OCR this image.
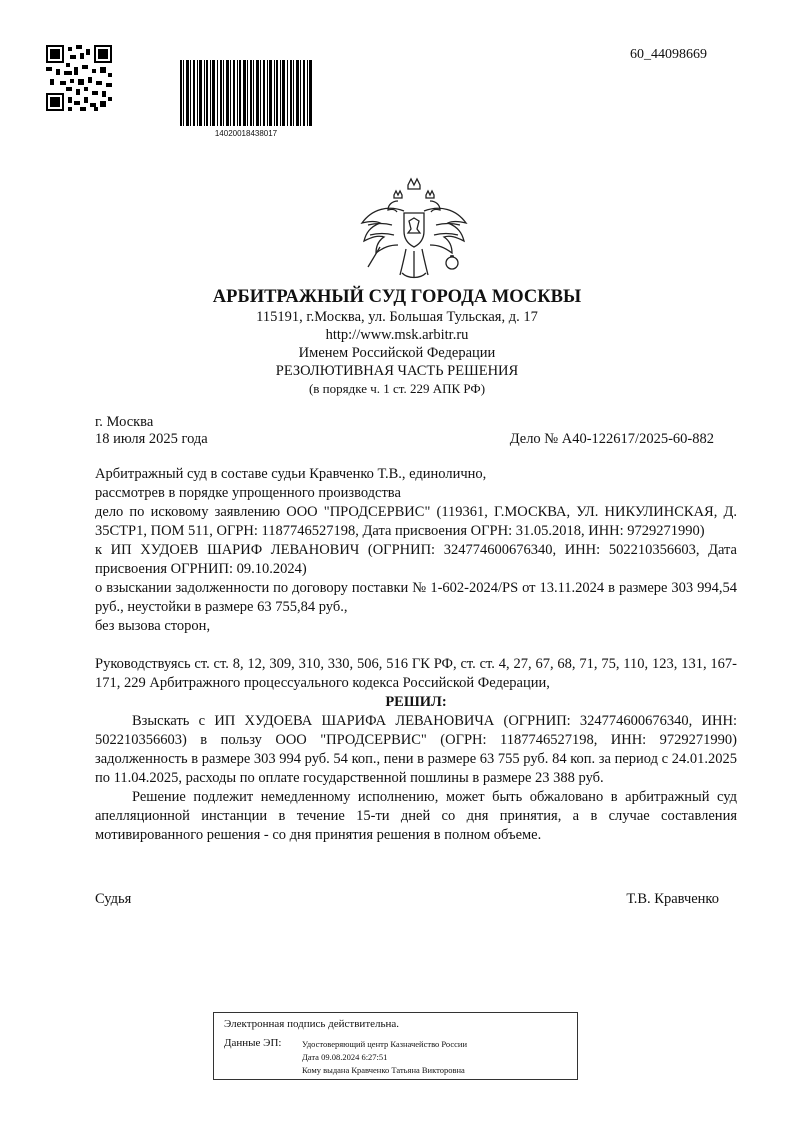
60_44098669
14020018438017
АРБИТРАЖНЫЙ СУД ГОРОДА МОСКВЫ
115191, г.Москва, ул. Большая Тульская, д. 17
http://www.msk.arbitr.ru
Именем Российской Федерации
РЕЗОЛЮТИВНАЯ ЧАСТЬ РЕШЕНИЯ
(в порядке ч. 1 ст. 229 АПК РФ)
г. Москва
18 июля 2025 года	Дело № А40-122617/2025-60-882

Арбитражный суд в составе судьи Кравченко Т.В., единолично,

рассмотрев в порядке упрощенного производства

дело по исковому заявлению ООО "ПРОДСЕРВИС" (119361, Г.МОСКВА, УЛ. НИКУЛИНСКАЯ, Д. 35СТР1, ПОМ 511, ОГРН: 1187746527198, Дата присвоения ОГРН: 31.05.2018, ИНН: 9729271990)

к ИП ХУДОЕВ ШАРИФ ЛЕВАНОВИЧ (ОГРНИП: 324774600676340, ИНН: 502210356603, Дата присвоения ОГРНИП: 09.10.2024)

о взыскании задолженности по договору поставки № 1-602-2024/PS от 13.11.2024 в размере 303 994,54 руб., неустойки в размере 63 755,84 руб.,

без вызова сторон,

Руководствуясь ст. ст. 8, 12, 309, 310, 330, 506, 516 ГК РФ, ст. ст. 4, 27, 67, 68, 71, 75, 110, 123, 131, 167-171, 229 Арбитражного процессуального кодекса Российской Федерации,

РЕШИЛ:

Взыскать с ИП ХУДОЕВА ШАРИФА ЛЕВАНОВИЧА (ОГРНИП: 324774600676340, ИНН: 502210356603) в пользу ООО "ПРОДСЕРВИС" (ОГРН: 1187746527198, ИНН: 9729271990) задолженность в размере 303 994 руб. 54 коп., пени в размере 63 755 руб. 84 коп. за период с 24.01.2025 по 11.04.2025, расходы по оплате государственной пошлины в размере 23 388 руб.

Решение подлежит немедленному исполнению, может быть обжаловано в арбитражный суд апелляционной инстанции в течение 15-ти дней со дня принятия, а в случае составления мотивированного решения - со дня принятия решения в полном объеме.

Судья	Т.В. Кравченко
Электронная подпись действительна.
Данные ЭП: Удостоверяющий центр Казначейство России
Дата 09.08.2024 6:27:51
Кому выдана Кравченко Татьяна Викторовна
